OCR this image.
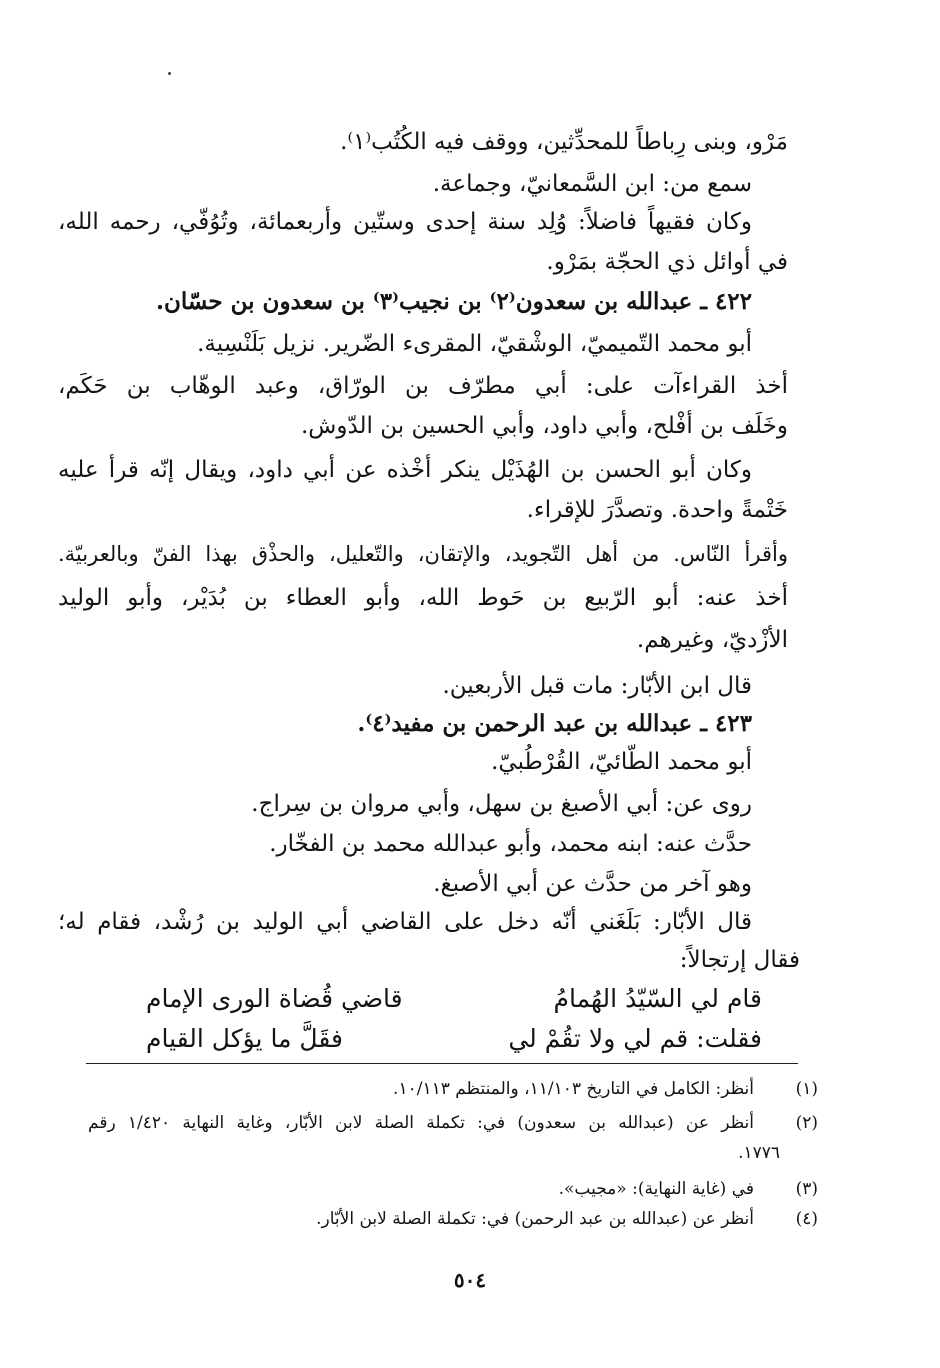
مَرْو، وبنى رِباطاً للمحدِّثين، ووقف فيه الكُتُب⁽١⁾.
سمع من: ابن السَّمعانيّ، وجماعة.
وكان فقيهاً فاضلاً: وُلِد سنة إحدى وستّين وأربعمائة، وتُوُفّي، رحمه الله،
في أوائل ذي الحجّة بمَرْو.
٤٢٢ ـ عبدالله بن سعدون⁽٢⁾ بن نجيب⁽٣⁾ بن سعدون بن حسّان.
أبو محمد التّميميّ، الوشْقيّ، المقرىء الضّرير. نزيل بَلَنْسِية.
أخذ القراءآت على: أبي مطرّف بن الورّاق، وعبد الوهّاب بن حَكَم،
وخَلَف بن أفْلح، وأبي داود، وأبي الحسين بن الدّوش.
وكان أبو الحسن بن الهُذَيْل ينكر أخْذه عن أبي داود، ويقال إنّه قرأ عليه
خَتْمةً واحدة. وتصدَّرَ للإقراء.
وأقرأ النّاس. من أهل التّجويد، والإتقان، والتّعليل، والحذْق بهذا الفنّ وبالعربيّة.
أخذ عنه: أبو الرّبيع بن حَوط الله، وأبو العطاء بن بُدَيْر، وأبو الوليد
الأزْديّ، وغيرهم.
قال ابن الأبّار: مات قبل الأربعين.
٤٢٣ ـ عبدالله بن عبد الرحمن بن مفيد⁽٤⁾.
أبو محمد الطّائيّ، القُرْطُبيّ.
روى عن: أبي الأصبغ بن سهل، وأبي مروان بن سِراج.
حدَّث عنه: ابنه محمد، وأبو عبدالله محمد بن الفخّار.
وهو آخر من حدَّث عن أبي الأصبغ.
قال الأبّار: بَلَغَني أنّه دخل على القاضي أبي الوليد بن رُشْد، فقام له؛
فقال إرتجالاً:
قام لي السّيّدُ الهُمامُ
قاضي قُضاة الورى الإمام
فقلت: قم لي ولا تقُمْ لي
فقَلَّ ما يؤكل القيام
(١)
أنظر: الكامل في التاريخ ١١/١٠٣، والمنتظم ١٠/١١٣.
(٢)
أنظر عن (عبدالله بن سعدون) في: تكملة الصلة لابن الأبّار، وغاية النهاية ١/٤٢٠ رقم
١٧٧٦.
(٣)
في (غاية النهاية): «مجيب».
(٤)
أنظر عن (عبدالله بن عبد الرحمن) في: تكملة الصلة لابن الأبّار.
٥٠٤
